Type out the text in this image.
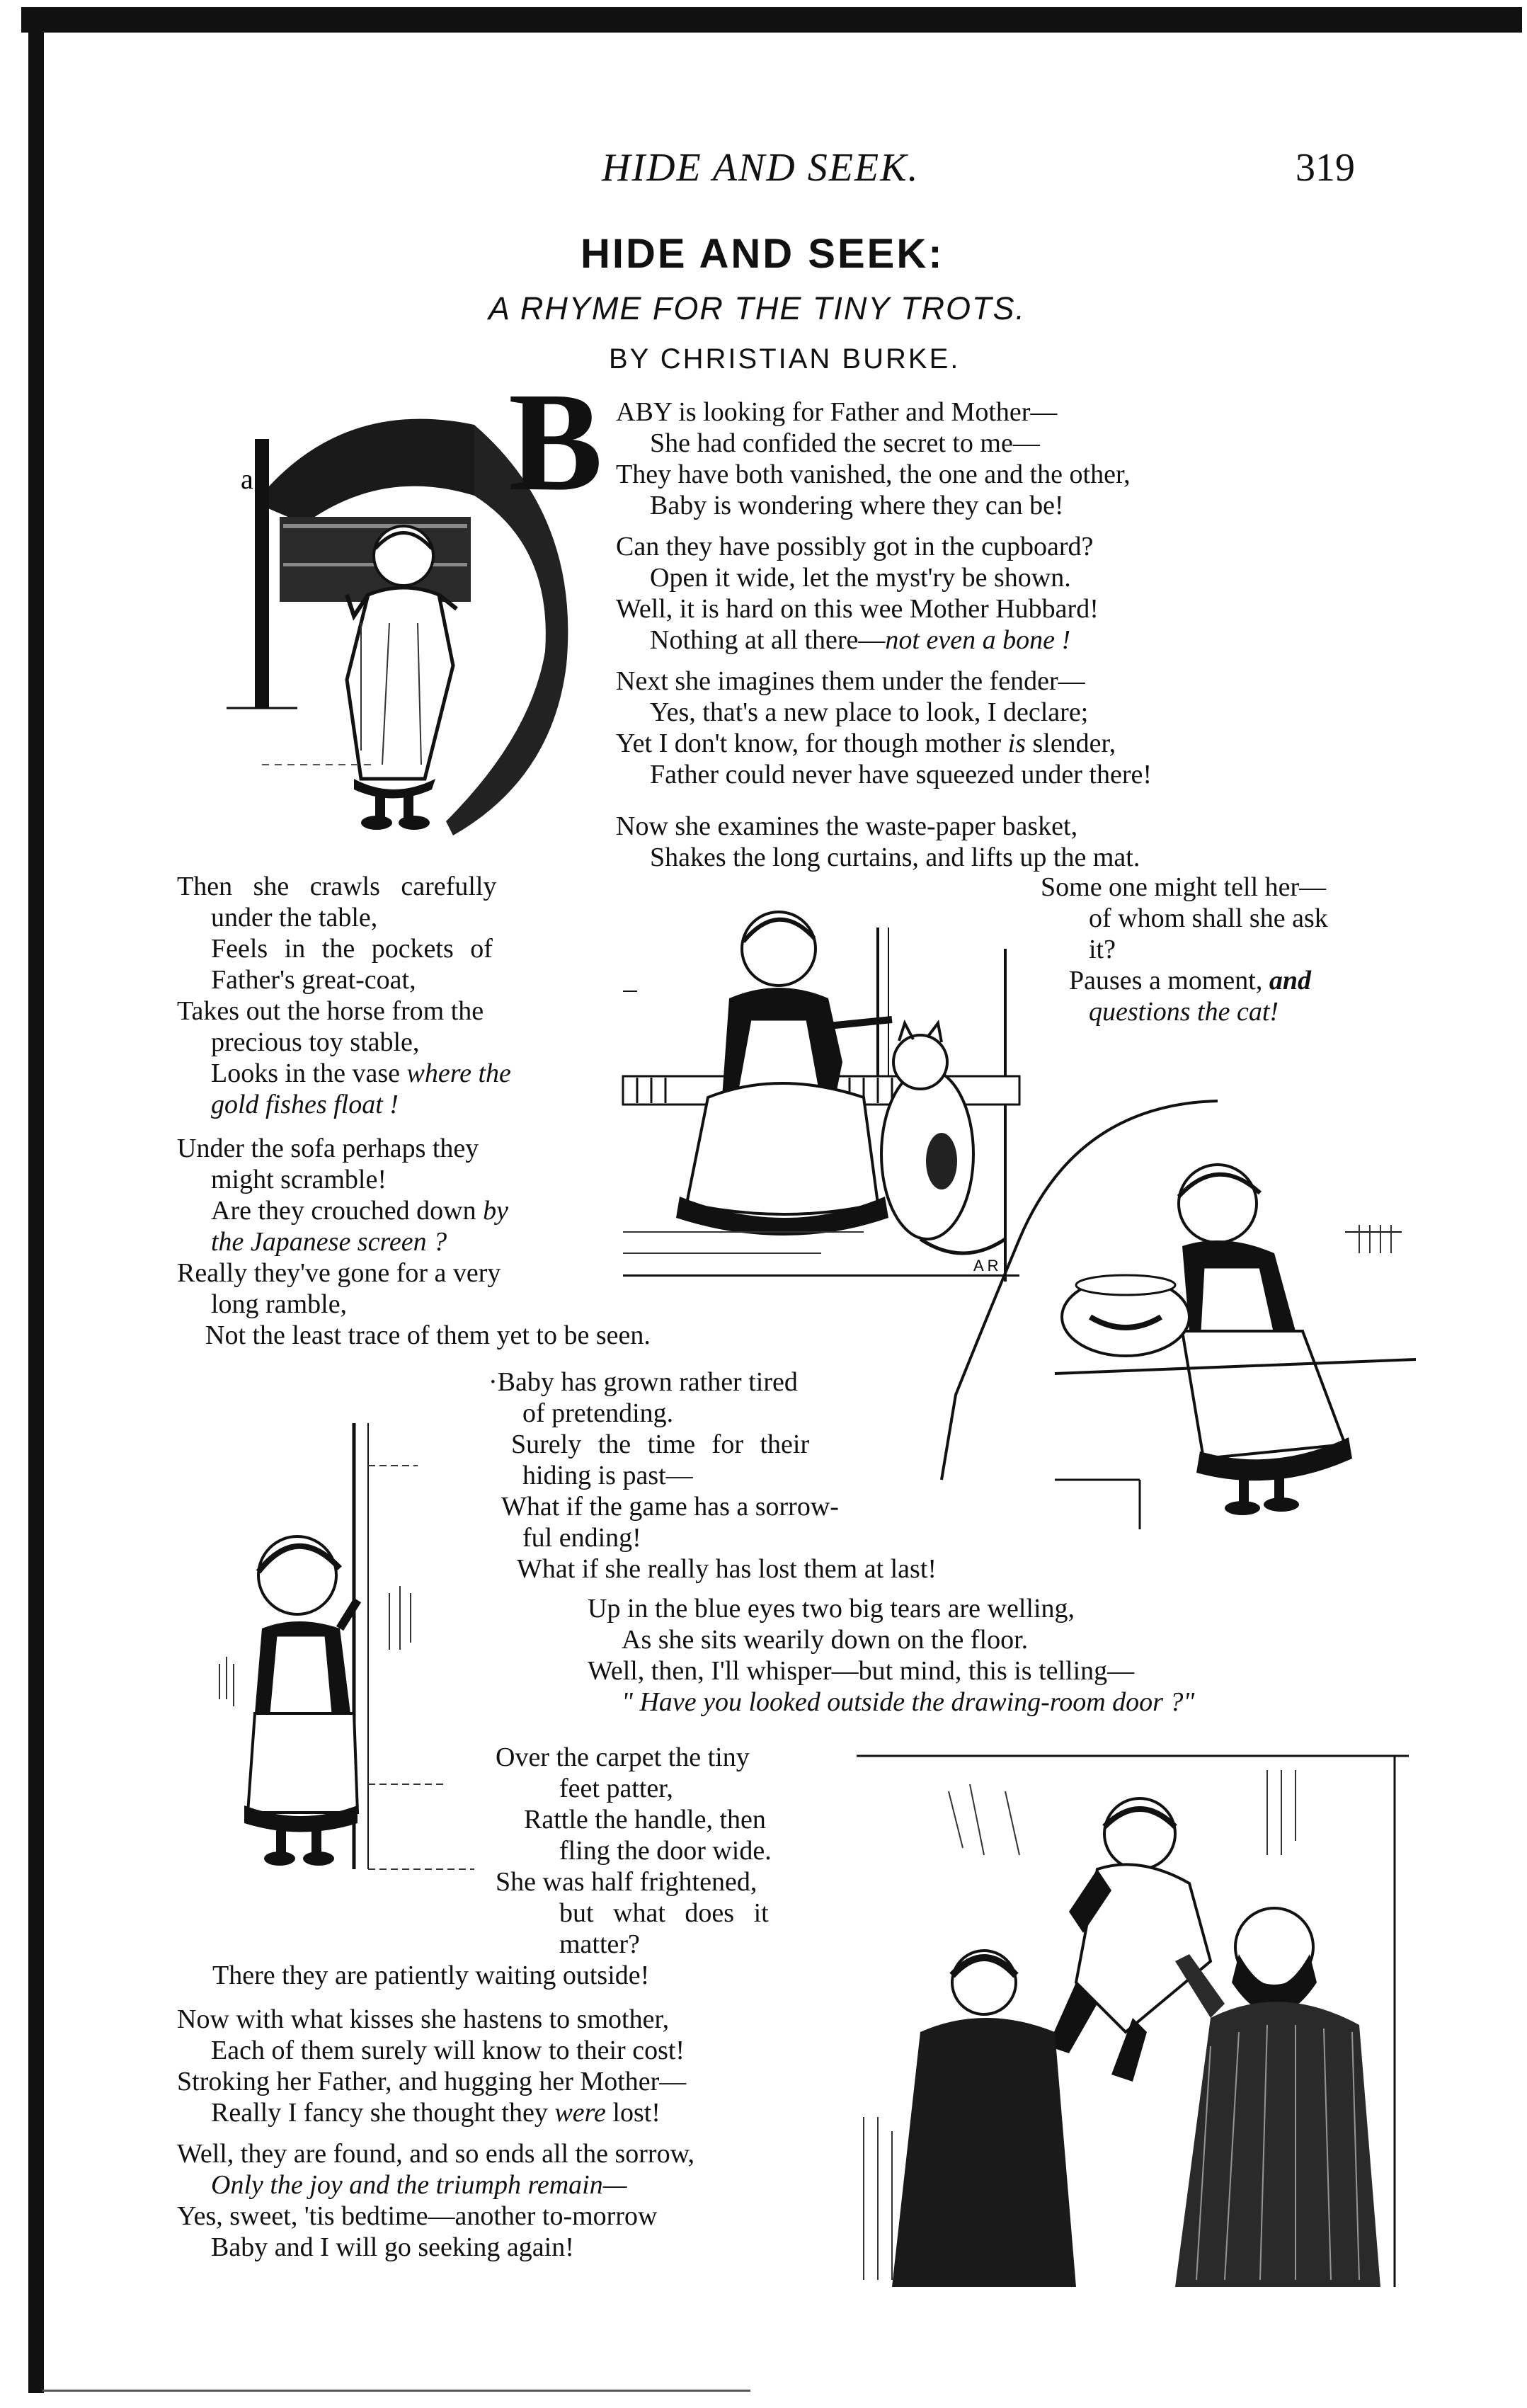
HIDE AND SEEK.	319
HIDE AND SEEK:
A RHYME FOR THE TINY TROTS.
BY CHRISTIAN BURKE.
a B ABY is looking for Father and Mother—
She had confided the secret to me—
They have both vanished, the one and the other,
Baby is wondering where they can be!
Can they have possibly got in the cupboard?
Open it wide, let the myst'ry be shown.
Well, it is hard on this wee Mother Hubbard!
Nothing at all there—not even a bone !
Next she imagines them under the fender—
Yes, that's a new place to look, I declare;
Yet I don't know, for though mother is slender,
Father could never have squeezed under there!
Now she examines the waste-paper basket,
Shakes the long curtains, and lifts up the mat.
Some one might tell her—
of whom shall she ask
it?
Pauses a moment, and
questions the cat!
A R
Then she crawls carefully
under the table,
Feels in the pockets of
Father's great-coat,
Takes out the horse from the
precious toy stable,
Looks in the vase where the
gold fishes float !
Under the sofa perhaps they
might scramble!
Are they crouched down by
the Japanese screen ?
Really they've gone for a very
long ramble,
Not the least trace of them yet to be seen.
·Baby has grown rather tired
of pretending.
Surely the time for their
hiding is past—
What if the game has a sorrow-
ful ending!
What if she really has lost them at last!
Up in the blue eyes two big tears are welling,
As she sits wearily down on the floor.
Well, then, I'll whisper—but mind, this is telling—
" Have you looked outside the drawing-room door ?"
Over the carpet the tiny
feet patter,
Rattle the handle, then
fling the door wide.
She was half frightened,
but what does it
matter?
There they are patiently waiting outside!
Now with what kisses she hastens to smother,
Each of them surely will know to their cost!
Stroking her Father, and hugging her Mother—
Really I fancy she thought they were lost!
Well, they are found, and so ends all the sorrow,
Only the joy and the triumph remain—
Yes, sweet, 'tis bedtime—another to-morrow
Baby and I will go seeking again!
